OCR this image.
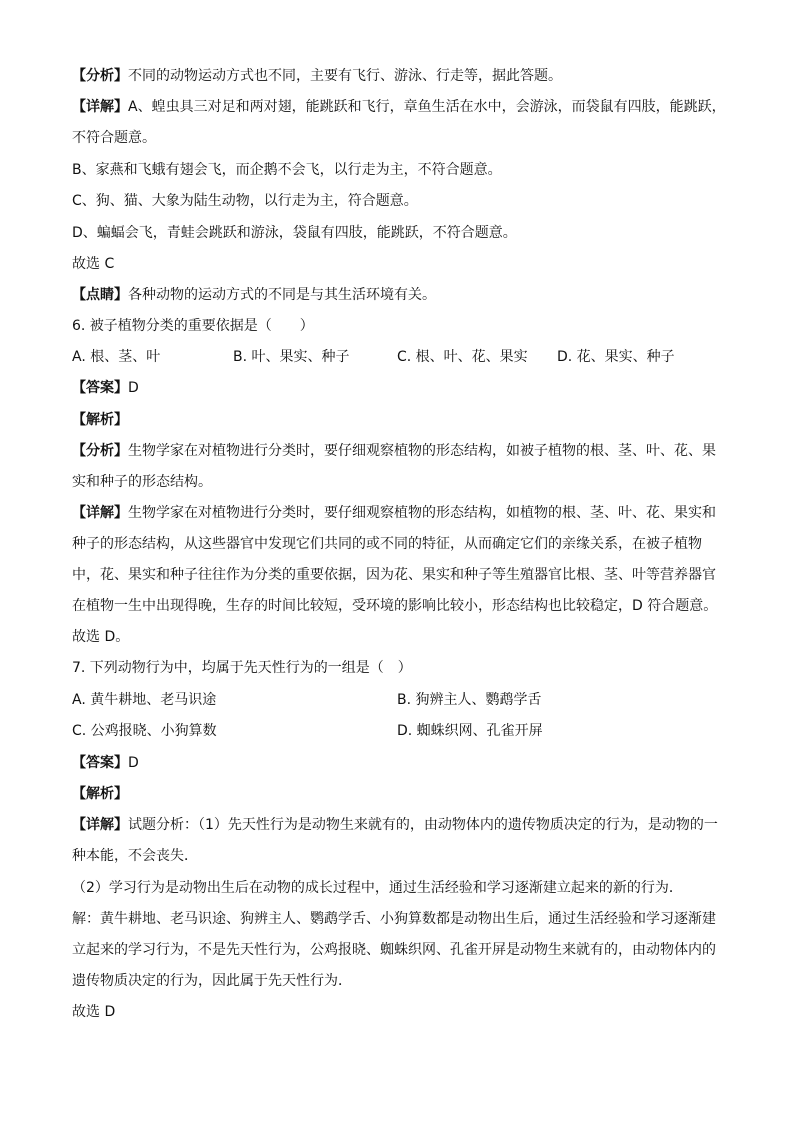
【分析】不同的动物运动方式也不同，主要有飞行、游泳、行走等，据此答题。
【详解】A、蝗虫具三对足和两对翅，能跳跃和飞行，章鱼生活在水中，会游泳，而袋鼠有四肢，能跳跃，
不符合题意。
B、家燕和飞蛾有翅会飞，而企鹅不会飞，以行走为主，不符合题意。
C、狗、猫、大象为陆生动物，以行走为主，符合题意。
D、蝙蝠会飞，青蛙会跳跃和游泳，袋鼠有四肢，能跳跃，不符合题意。
故选 C
【点睛】各种动物的运动方式的不同是与其生活环境有关。
6. 被子植物分类的重要依据是（　　）
A. 根、茎、叶	B. 叶、果实、种子	C. 根、叶、花、果实 D. 花、果实、种子
【答案】D
【解析】
【分析】生物学家在对植物进行分类时，要仔细观察植物的形态结构，如被子植物的根、茎、叶、花、果
实和种子的形态结构。
【详解】生物学家在对植物进行分类时，要仔细观察植物的形态结构，如植物的根、茎、叶、花、果实和
种子的形态结构，从这些器官中发现它们共同的或不同的特征，从而确定它们的亲缘关系，在被子植物
中，花、果实和种子往往作为分类的重要依据，因为花、果实和种子等生殖器官比根、茎、叶等营养器官
在植物一生中出现得晚，生存的时间比较短，受环境的影响比较小，形态结构也比较稳定，D 符合题意。
故选 D。
7. 下列动物行为中，均属于先天性行为的一组是（　）
A. 黄牛耕地、老马识途	B. 狗辨主人、鹦鹉学舌
C. 公鸡报晓、小狗算数	D. 蜘蛛织网、孔雀开屏
【答案】D
【解析】
【详解】试题分析：（1）先天性行为是动物生来就有的，由动物体内的遗传物质决定的行为，是动物的一
种本能，不会丧失．
（2）学习行为是动物出生后在动物的成长过程中，通过生活经验和学习逐渐建立起来的新的行为．
解：黄牛耕地、老马识途、狗辨主人、鹦鹉学舌、小狗算数都是动物出生后，通过生活经验和学习逐渐建
立起来的学习行为，不是先天性行为，公鸡报晓、蜘蛛织网、孔雀开屏是动物生来就有的，由动物体内的
遗传物质决定的行为，因此属于先天性行为．
故选 D
